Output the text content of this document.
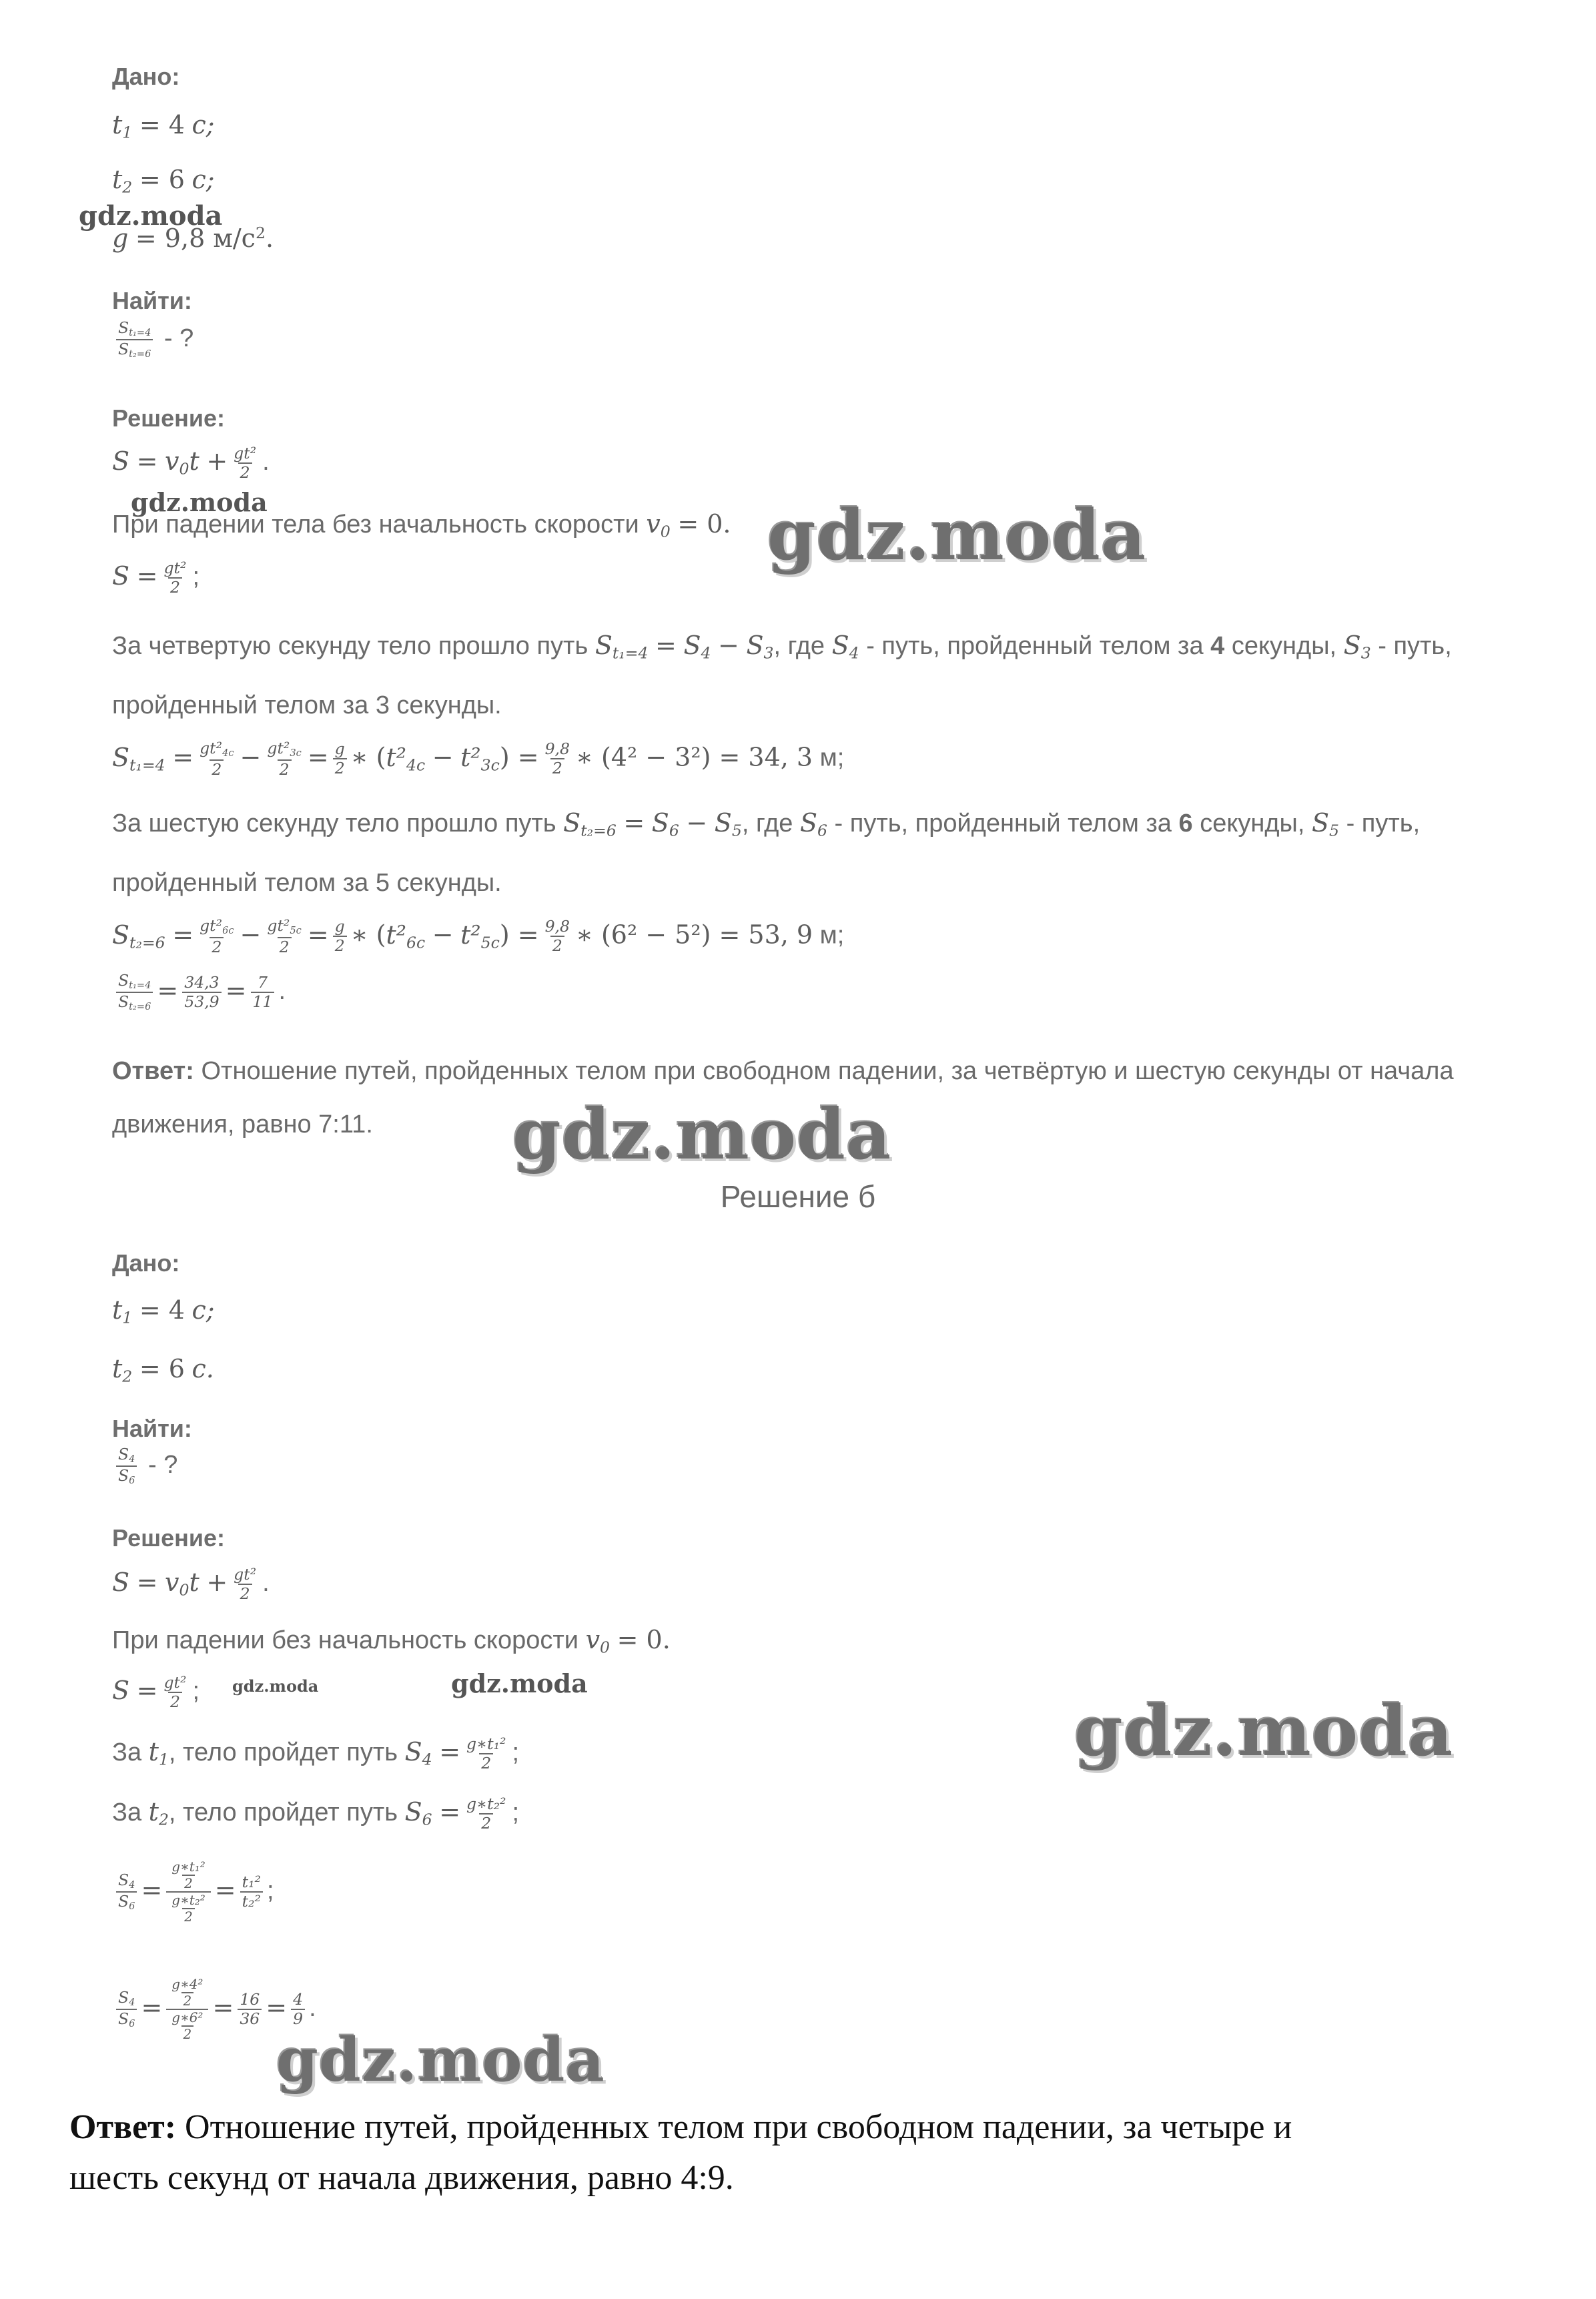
Дано:
$t_1 = 4$ c;
$t_2 = 6$ c;
g = 9,8 $м/с^2$.
Найти:
$\frac{S_{t_1=4}}{S_{t_2=6}}$ - ?
Решение:
$S = v_0t + \frac{\text{gt²}}{2}$ .
При падении тела без начальность скорости $v_0 = 0$.
$S = \frac{\text{gt²}}{2}$ ;
За четвертую секунду тело прошло путь $S_{t_1=4} = S_4 - S_3$, где $S_4$ - путь, пройденный телом за 4 секунды, $S_3$ - путь,
пройденный телом за 3 секунды.
$S_{t_1=4} = \frac{gt^2_{4c}}{2} - \frac{gt^2_{3c}}{2} = \frac{g}{2}$ ∗ $(t^2_{4c} - t^2_{3c}) = \frac{9,8}{2}$ ∗ (4² − 3²) = 34, 3 м;
За шестую секунду тело прошло путь $S_{t_2=6} = S_6 - S_5$, где $S_6$ - путь, пройденный телом за 6 секунды, $S_5$ - путь,
пройденный телом за 5 секунды.
$S_{t_2=6} = \frac{gt^2_{6c}}{2} - \frac{gt^2_{5c}}{2} = \frac{g}{2}$ ∗ $(t^2_{6c} - t^2_{5c}) = \frac{9,8}{2}$ ∗ (6² − 5²) = 53, 9 м;
$\frac{S_{t_1=4}}{S_{t_2=6}} = \frac{34,3}{53,9} = \frac{7}{11}$ .
Ответ: Отношение путей, пройденных телом при свободном падении, за четвёртую и шестую секунды от начала
движения, равно 7:11.
Решение б
Дано:
$t_1 = 4$ c;
$t_2 = 6$ c.
Найти:
$\frac{S_4}{S_6}$ - ?
Решение:
$S = v_0t + \frac{\text{gt²}}{2}$ .
При падении без начальность скорости $v_0 = 0$.
$S = \frac{\text{gt²}}{2}$ ;
За $t_1$, тело пройдет путь $S_4 = \frac{\text{g∗t₁²}}{2}$ ;
За $t_2$, тело пройдет путь $S_6 = \frac{\text{g∗t₂²}}{2}$ ;
$\frac{S_4}{S_6} = \frac{\frac{\text{g∗t₁²}}{2}}{\frac{\text{g∗t₂²}}{2}} = \frac{\text{t₁²}}{\text{t₂²}}$ ;
$\frac{S_4}{S_6} = \frac{\frac{\text{g∗4²}}{2}}{\frac{\text{g∗6²}}{2}} = \frac{16}{36} = \frac{4}{9}$ .
Ответ: Отношение путей, пройденных телом при свободном падении, за четыре и
шесть секунд от начала движения, равно 4:9.
gdz.moda
gdz.moda	gdz.moda
gdz.moda
gdz.moda	gdz.moda
gdz.moda
gdz.moda
